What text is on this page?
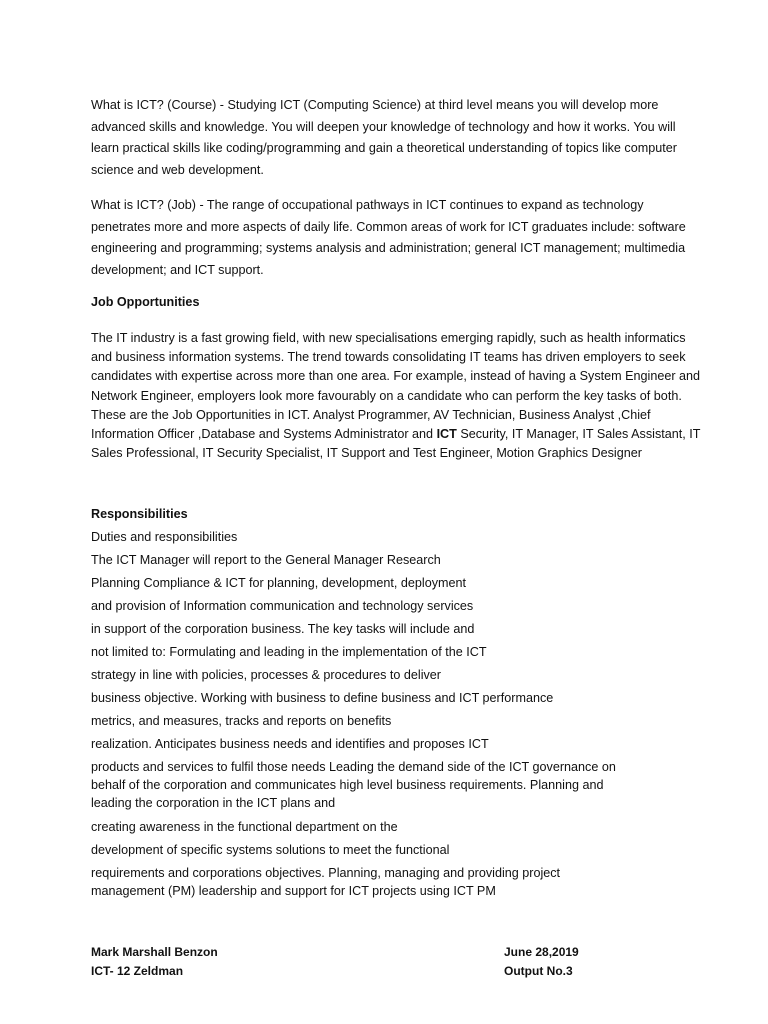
What is ICT? (Course) - Studying ICT (Computing Science) at third level means you will develop more advanced skills and knowledge. You will deepen your knowledge of technology and how it works. You will learn practical skills like coding/programming and gain a theoretical understanding of topics like computer science and web development.

What is ICT? (Job) - The range of occupational pathways in ICT continues to expand as technology penetrates more and more aspects of daily life. Common areas of work for ICT graduates include: software engineering and programming; systems analysis and administration; general ICT management; multimedia development; and ICT support.

Job Opportunities

The IT industry is a fast growing field, with new specialisations emerging rapidly, such as health informatics and business information systems. The trend towards consolidating IT teams has driven employers to seek candidates with expertise across more than one area. For example, instead of having a System Engineer and Network Engineer, employers look more favourably on a candidate who can perform the key tasks of both. These are the Job Opportunities in ICT. Analyst Programmer, AV Technician, Business Analyst ,Chief Information Officer ,Database and Systems Administrator and ICT Security, IT Manager, IT Sales Assistant, IT Sales Professional, IT Security Specialist, IT Support and Test Engineer, Motion Graphics Designer

Responsibilities
Duties and responsibilities
The ICT Manager will report to the General Manager Research
Planning Compliance & ICT for planning, development, deployment
and provision of Information communication and technology services
in support of the corporation business. The key tasks will include and
not limited to: Formulating and leading in the implementation of the ICT
strategy in line with policies, processes & procedures to deliver
business objective. Working with business to define business and ICT performance
metrics, and measures, tracks and reports on benefits
realization. Anticipates business needs and identifies and proposes ICT
products and services to fulfil those needs Leading the demand side of the ICT governance on
behalf of the corporation and communicates high level business requirements. Planning and
leading the corporation in the ICT plans and
creating awareness in the functional department on the
development of specific systems solutions to meet the functional
requirements and corporations objectives. Planning, managing and providing project
management (PM) leadership and support for ICT projects using ICT PM
Mark Marshall Benzon
ICT- 12 Zeldman
June 28,2019
Output No.3
